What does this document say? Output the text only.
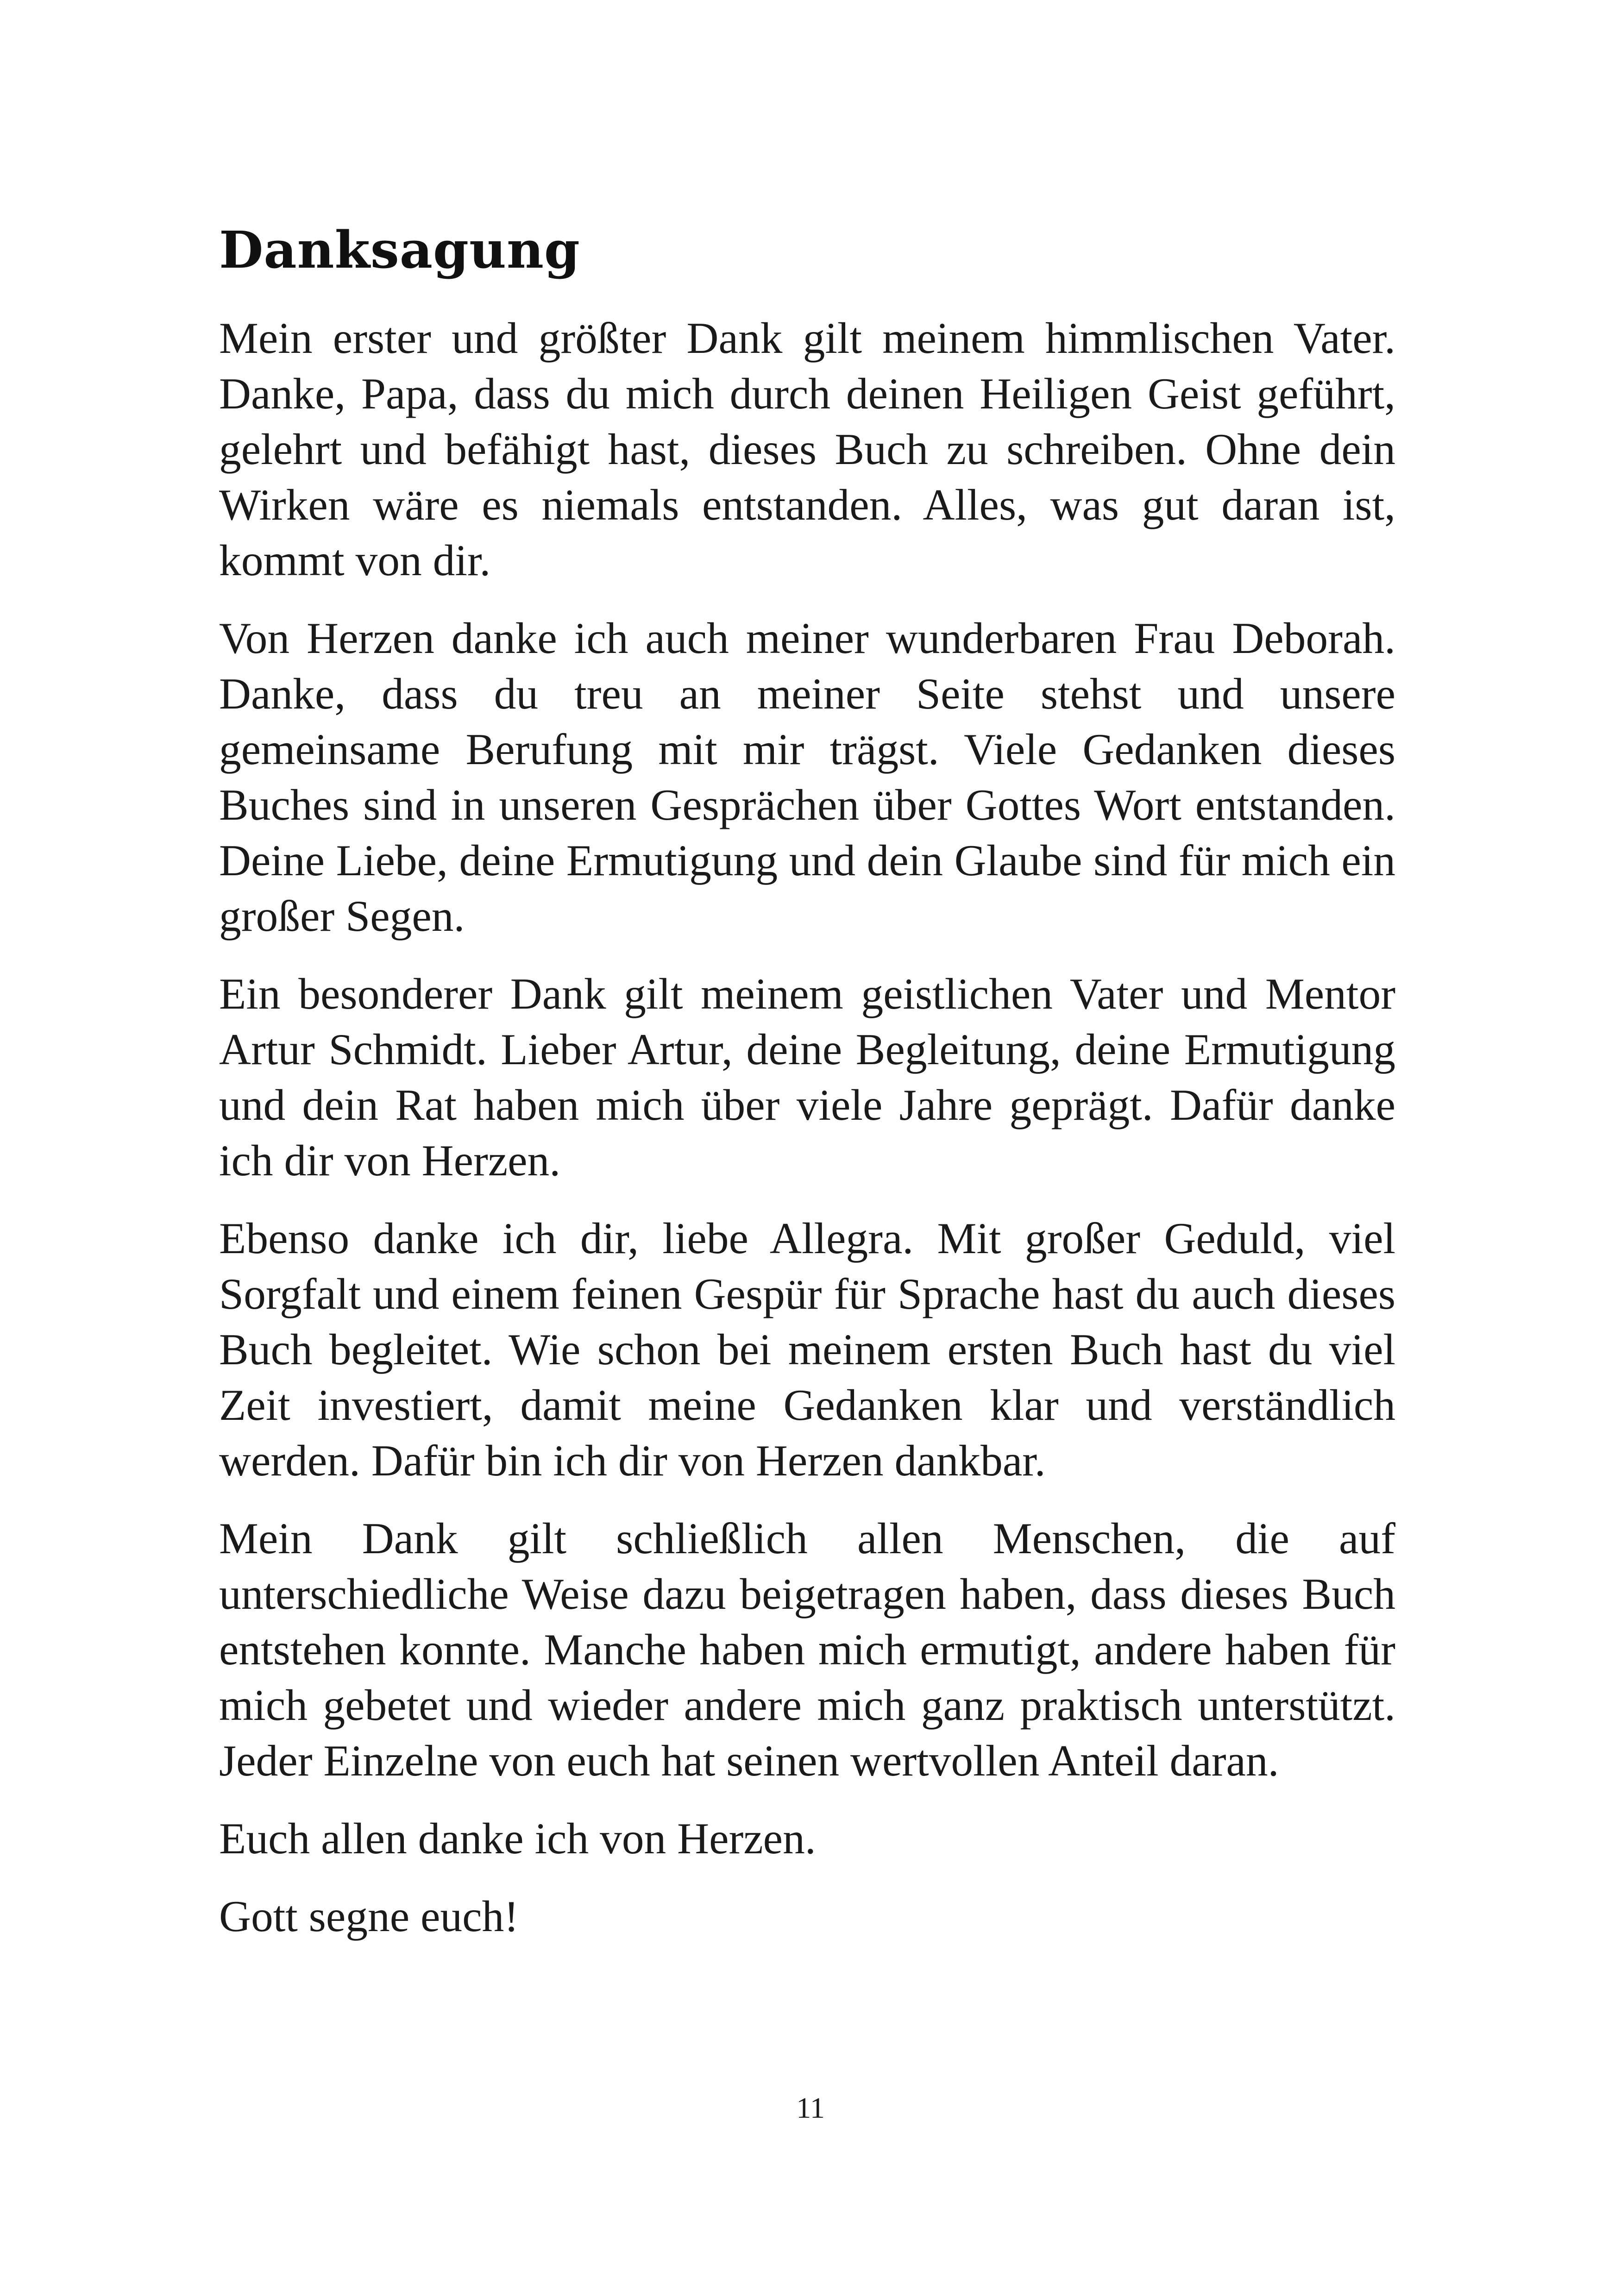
Danksagung

Mein erster und größter Dank gilt meinem himmlischen Vater. Danke, Papa, dass du mich durch deinen Heiligen Geist geführt, gelehrt und befähigt hast, dieses Buch zu schreiben. Ohne dein Wirken wäre es niemals entstanden. Alles, was gut daran ist, kommt von dir.

Von Herzen danke ich auch meiner wunderbaren Frau Deborah. Danke, dass du treu an meiner Seite stehst und unsere gemeinsame Berufung mit mir trägst. Viele Gedanken dieses Buches sind in unseren Gesprächen über Gottes Wort entstanden. Deine Liebe, deine Ermutigung und dein Glaube sind für mich ein großer Segen.

Ein besonderer Dank gilt meinem geistlichen Vater und Mentor Artur Schmidt. Lieber Artur, deine Begleitung, deine Ermutigung und dein Rat haben mich über viele Jahre geprägt. Dafür danke ich dir von Herzen.

Ebenso danke ich dir, liebe Allegra. Mit großer Geduld, viel Sorgfalt und einem feinen Gespür für Sprache hast du auch dieses Buch begleitet. Wie schon bei meinem ersten Buch hast du viel Zeit investiert, damit meine Gedanken klar und verständlich werden. Dafür bin ich dir von Herzen dankbar.

Mein Dank gilt schließlich allen Menschen, die auf unterschiedliche Weise dazu beigetragen haben, dass dieses Buch entstehen konnte. Manche haben mich ermutigt, andere haben für mich gebetet und wieder andere mich ganz praktisch unterstützt. Jeder Einzelne von euch hat seinen wertvollen Anteil daran.

Euch allen danke ich von Herzen.

Gott segne euch!

11
